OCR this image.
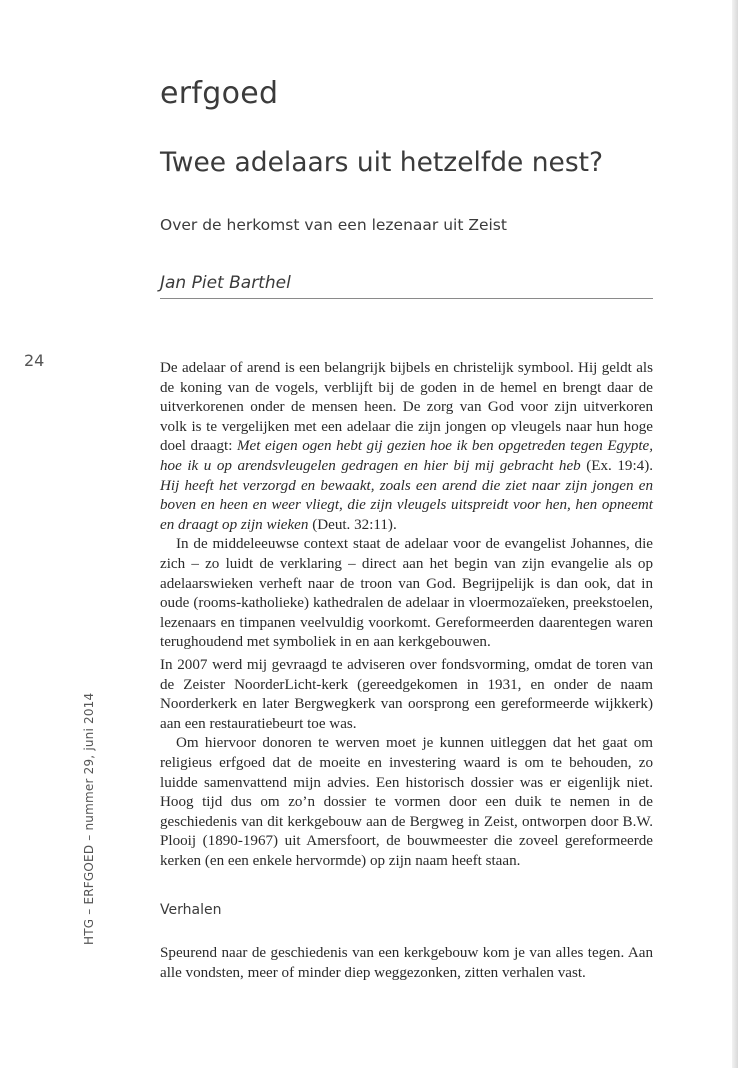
erfgoed
Twee adelaars uit hetzelfde nest?
Over de herkomst van een lezenaar uit Zeist
Jan Piet Barthel
24
HTG – ERFGOED – nummer 29, juni 2014

De adelaar of arend is een belangrijk bijbels en christelijk symbool. Hij geldt als de koning van de vogels, verblijft bij de goden in de hemel en brengt daar de uitverkorenen onder de mensen heen. De zorg van God voor zijn uitverkoren volk is te vergelijken met een adelaar die zijn jongen op vleugels naar hun hoge doel draagt: Met eigen ogen hebt gij gezien hoe ik ben opgetreden tegen Egypte, hoe ik u op arendsvleugelen gedragen en hier bij mij gebracht heb (Ex. 19:4). Hij heeft het verzorgd en bewaakt, zoals een arend die ziet naar zijn jongen en boven en heen en weer vliegt, die zijn vleugels uitspreidt voor hen, hen opneemt en draagt op zijn wieken (Deut. 32:11).

In de middeleeuwse context staat de adelaar voor de evangelist Johannes, die zich – zo luidt de verklaring – direct aan het begin van zijn evangelie als op adelaarswieken verheft naar de troon van God. Begrijpelijk is dan ook, dat in oude (rooms-katholieke) kathedralen de adelaar in vloermozaïeken, preekstoelen, lezenaars en timpanen veelvuldig voorkomt. Gereformeerden daarentegen waren terughoudend met symboliek in en aan kerkgebouwen.

In 2007 werd mij gevraagd te adviseren over fondsvorming, omdat de toren van de Zeister NoorderLicht-kerk (gereedgekomen in 1931, en onder de naam Noorderkerk en later Bergwegkerk van oorsprong een gereformeerde wijkkerk) aan een restauratiebeurt toe was.

Om hiervoor donoren te werven moet je kunnen uitleggen dat het gaat om religieus erfgoed dat de moeite en investering waard is om te behouden, zo luidde samenvattend mijn advies. Een historisch dossier was er eigenlijk niet. Hoog tijd dus om zo’n dossier te vormen door een duik te nemen in de geschiedenis van dit kerkgebouw aan de Bergweg in Zeist, ontworpen door B.W. Plooij (1890-1967) uit Amersfoort, de bouwmeester die zoveel gereformeerde kerken (en een enkele hervormde) op zijn naam heeft staan.

Verhalen

Speurend naar de geschiedenis van een kerkgebouw kom je van alles tegen. Aan alle vondsten, meer of minder diep weggezonken, zitten verhalen vast.
